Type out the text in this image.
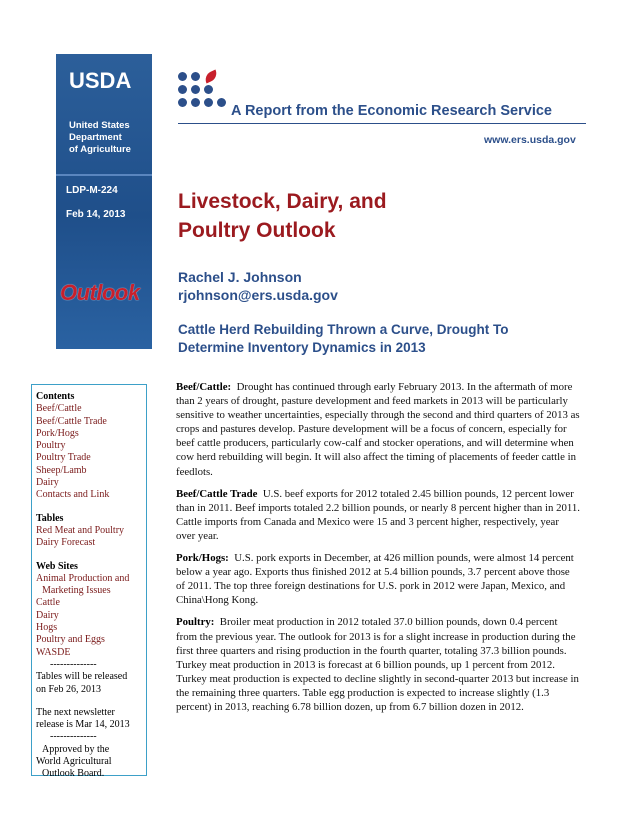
USDA
United States
Department
of Agriculture
LDP-M-224
Feb 14, 2013
Outlook
A Report from the Economic Research Service
www.ers.usda.gov
Livestock, Dairy, and
Poultry Outlook
Rachel J. Johnson
rjohnson@ers.usda.gov
Cattle Herd Rebuilding Thrown a Curve, Drought To
Determine Inventory Dynamics in 2013
Contents
Beef/Cattle
Beef/Cattle Trade
Pork/Hogs
Poultry
Poultry Trade
Sheep/Lamb
Dairy
Contacts and Link
Tables
Red Meat and Poultry
Dairy Forecast
Web Sites
Animal Production and
Marketing Issues
Cattle
Dairy
Hogs
Poultry and Eggs
WASDE
--------------
Tables will be released
on Feb 26, 2013
The next newsletter
release is Mar 14, 2013
--------------
Approved by the
World Agricultural
Outlook Board.

Beef/Cattle: Drought has continued through early February 2013. In the aftermath of more than 2 years of drought, pasture development and feed markets in 2013 will be particularly sensitive to weather uncertainties, especially through the second and third quarters of 2013 as crops and pastures develop. Pasture development will be a focus of concern, especially for beef cattle producers, particularly cow-calf and stocker operations, and will determine when cow herd rebuilding will begin. It will also affect the timing of placements of feeder cattle in feedlots.

Beef/Cattle Trade U.S. beef exports for 2012 totaled 2.45 billion pounds, 12 percent lower than in 2011. Beef imports totaled 2.2 billion pounds, or nearly 8 percent higher than in 2011. Cattle imports from Canada and Mexico were 15 and 3 percent higher, respectively, year over year.

Pork/Hogs: U.S. pork exports in December, at 426 million pounds, were almost 14 percent below a year ago. Exports thus finished 2012 at 5.4 billion pounds, 3.7 percent above those of 2011. The top three foreign destinations for U.S. pork in 2012 were Japan, Mexico, and China\Hong Kong.

Poultry: Broiler meat production in 2012 totaled 37.0 billion pounds, down 0.4 percent from the previous year. The outlook for 2013 is for a slight increase in production during the first three quarters and rising production in the fourth quarter, totaling 37.3 billion pounds. Turkey meat production in 2013 is forecast at 6 billion pounds, up 1 percent from 2012. Turkey meat production is expected to decline slightly in second-quarter 2013 but increase in the remaining three quarters. Table egg production is expected to increase slightly (1.3 percent) in 2013, reaching 6.78 billion dozen, up from 6.7 billion dozen in 2012.
